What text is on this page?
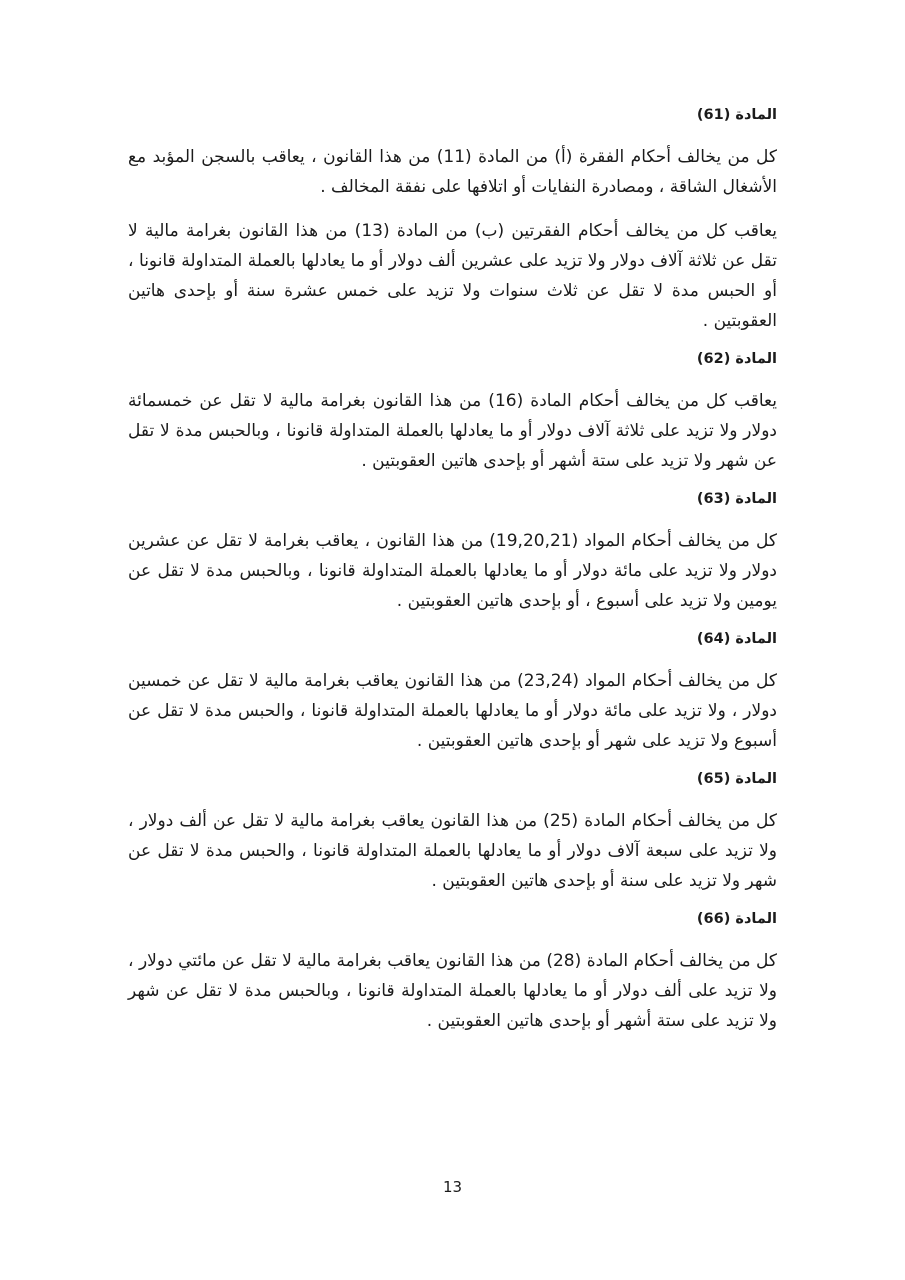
المادة (61)

كل من يخالف أحكام الفقرة (أ) من المادة (11) من هذا القانون ، يعاقب بالسجن المؤبد مع الأشغال الشاقة ، ومصادرة النفايات أو اتلافها على نفقة المخالف .

يعاقب كل من يخالف أحكام الفقرتين (ب) من المادة (13) من هذا القانون بغرامة مالية لا تقل عن ثلاثة آلاف دولار ولا تزيد على عشرين ألف دولار أو ما يعادلها بالعملة المتداولة قانونا ، أو الحبس مدة لا تقل عن ثلاث سنوات ولا تزيد على خمس عشرة سنة أو بإحدى هاتين العقوبتين .

المادة (62)

يعاقب كل من يخالف أحكام المادة (16) من هذا القانون بغرامة مالية لا تقل عن خمسمائة دولار ولا تزيد على ثلاثة آلاف دولار أو ما يعادلها بالعملة المتداولة قانونا ، وبالحبس مدة لا تقل عن شهر ولا تزيد على ستة أشهر أو بإحدى هاتين العقوبتين .

المادة (63)

كل من يخالف أحكام المواد (19,20,21) من هذا القانون ، يعاقب بغرامة لا تقل عن عشرين دولار ولا تزيد على مائة دولار أو ما يعادلها بالعملة المتداولة قانونا ، وبالحبس مدة لا تقل عن يومين ولا تزيد على أسبوع ، أو بإحدى هاتين العقوبتين .

المادة (64)

كل من يخالف أحكام المواد (23,24) من هذا القانون يعاقب بغرامة مالية لا تقل عن خمسين دولار ، ولا تزيد على مائة دولار أو ما يعادلها بالعملة المتداولة قانونا ، والحبس مدة لا تقل عن أسبوع ولا تزيد على شهر أو بإحدى هاتين العقوبتين .

المادة (65)

كل من يخالف أحكام المادة (25) من هذا القانون يعاقب بغرامة مالية لا تقل عن ألف دولار ، ولا تزيد على سبعة آلاف دولار أو ما يعادلها بالعملة المتداولة قانونا ، والحبس مدة لا تقل عن شهر ولا تزيد على سنة أو بإحدى هاتين العقوبتين .

المادة (66)

كل من يخالف أحكام المادة (28) من هذا القانون يعاقب بغرامة مالية لا تقل عن مائتي دولار ، ولا تزيد على ألف دولار أو ما يعادلها بالعملة المتداولة قانونا ، وبالحبس مدة لا تقل عن شهر ولا تزيد على ستة أشهر أو بإحدى هاتين العقوبتين .

13
